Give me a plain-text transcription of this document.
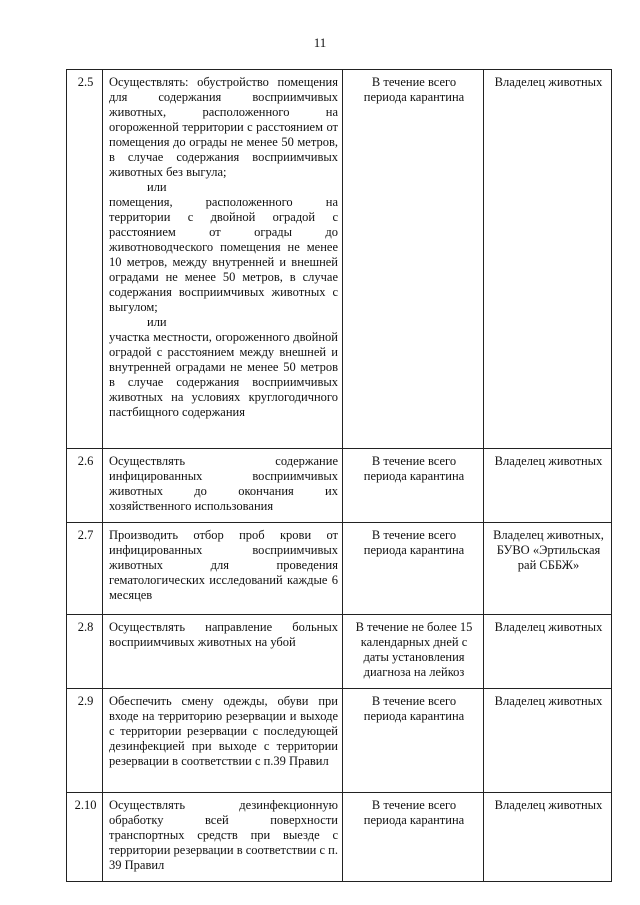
11
2.5	Осуществлять: обустройство помещения для содержания восприимчивых животных, расположенного на огороженной территории с расстоянием от помещения до ограды не менее 50 метров, в случае содержания восприимчивых животных без выгула;
или
помещения, расположенного на территории с двойной оградой с расстоянием от ограды до животноводческого помещения не менее 10 метров, между внутренней и внешней оградами не менее 50 метров, в случае содержания восприимчивых животных с выгулом;
или
участка местности, огороженного двойной оградой с расстоянием между внешней и внутренней оградами не менее 50 метров в случае содержания восприимчивых животных на условиях круглогодичного пастбищного содержания	В течение всего периода карантина	Владелец животных
2.6	Осуществлять содержание инфицированных восприимчивых животных до окончания их хозяйственного использования	В течение всего периода карантина	Владелец животных
2.7	Производить отбор проб крови от инфицированных восприимчивых животных для проведения гематологических исследований каждые 6 месяцев	В течение всего периода карантина	Владелец животных, БУВО «Эртильская рай СББЖ»
2.8	Осуществлять направление больных восприимчивых животных на убой	В течение не более 15 календарных дней с даты установления диагноза на лейкоз	Владелец животных
2.9	Обеспечить смену одежды, обуви при входе на территорию резервации и выходе с территории резервации с последующей дезинфекцией при выходе с территории резервации в соответствии с п.39 Правил	В течение всего периода карантина	Владелец животных
2.10	Осуществлять дезинфекционную обработку всей поверхности транспортных средств при выезде с территории резервации в соответствии с п. 39 Правил	В течение всего периода карантина	Владелец животных
